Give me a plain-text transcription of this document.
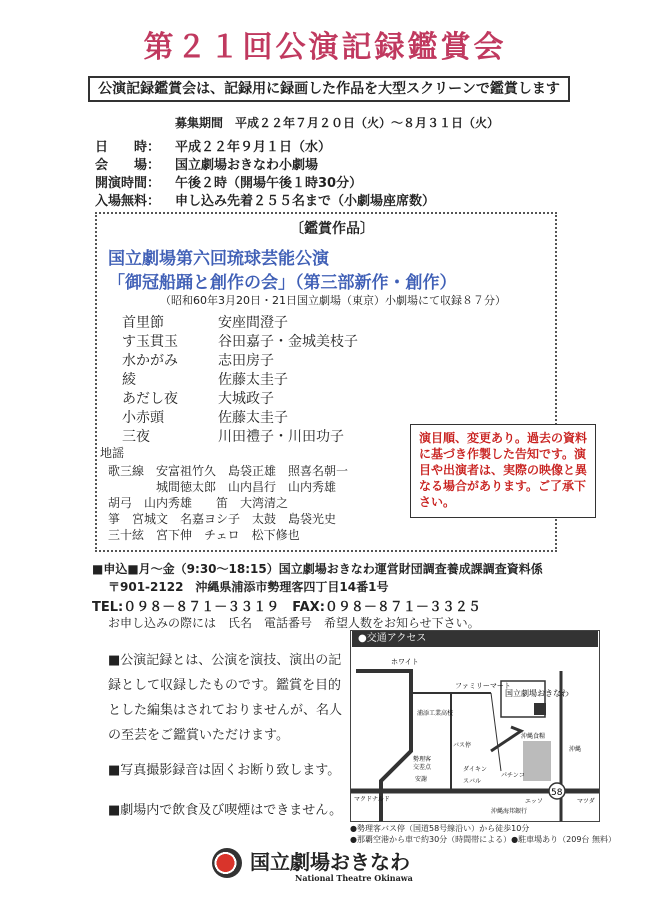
第２１回公演記録鑑賞会
公演記録鑑賞会は、記録用に録画した作品を大型スクリーンで鑑賞します
募集期間　平成２２年７月２０日（火）～８月３１日（火）
日　　時：	平成２２年９月１日（水）
会　　場：	国立劇場おきなわ小劇場
開演時間：	午後２時（開場午後１時30分）
入場無料：	申し込み先着２５５名まで（小劇場座席数）
〔鑑賞作品〕
国立劇場第六回琉球芸能公演
「御冠船踊と創作の会」（第三部新作・創作）
（昭和60年3月20日・21日国立劇場（東京）小劇場にて収録８７分）
首里節	安座間澄子
す玉貫玉	谷田嘉子・金城美枝子
水かがみ	志田房子
綾	佐藤太圭子
あだし夜	大城政子
小赤頭	佐藤太圭子
三夜	川田禮子・川田功子
地謡
歌三線　安富祖竹久　島袋正雄　照喜名朝一
　　　　城間徳太郎　山内昌行　山内秀雄
胡弓　山内秀雄　　笛　大湾清之
箏　宮城文　名嘉ヨシ子　太鼓　島袋光史
三十絃　宮下伸　チェロ　松下修也
演目順、変更あり。過去の資料に基づき作製した告知です。演目や出演者は、実際の映像と異なる場合があります。ご了承下さい。
■申込■月～金（9:30～18:15）国立劇場おきなわ運営財団調査養成課調査資料係
〒901-2122　沖縄県浦添市勢理客四丁目14番1号
TEL:０９８－８７１－３３１９　FAX:０９８－８７１－３３２５
お申し込みの際には　氏名　電話番号　希望人数をお知らせ下さい。
■公演記録とは、公演を演技、演出の記録として収録したものです。鑑賞を目的とした編集はされておりませんが、名人の至芸をご鑑賞いただけます。
■写真撮影録音は固くお断り致します。
■劇場内で飲食及び喫煙はできません。
58
ホワイト
ファミリーマート
浦添工業高校
沖縄食糧
バス停
勢理客
交差点
安謝
マツダ
エッソ
沖縄海邦銀行
パチンコ
スバル
ダイキン
マクドナルド
沖縄
国立劇場おきなわ
●交通アクセス
●勢理客バス停（国道58号線沿い）から徒歩10分
●那覇空港から車で約30分（時間帯による）●駐車場あり（209台 無料）
国立劇場おきなわ
National Theatre Okinawa
